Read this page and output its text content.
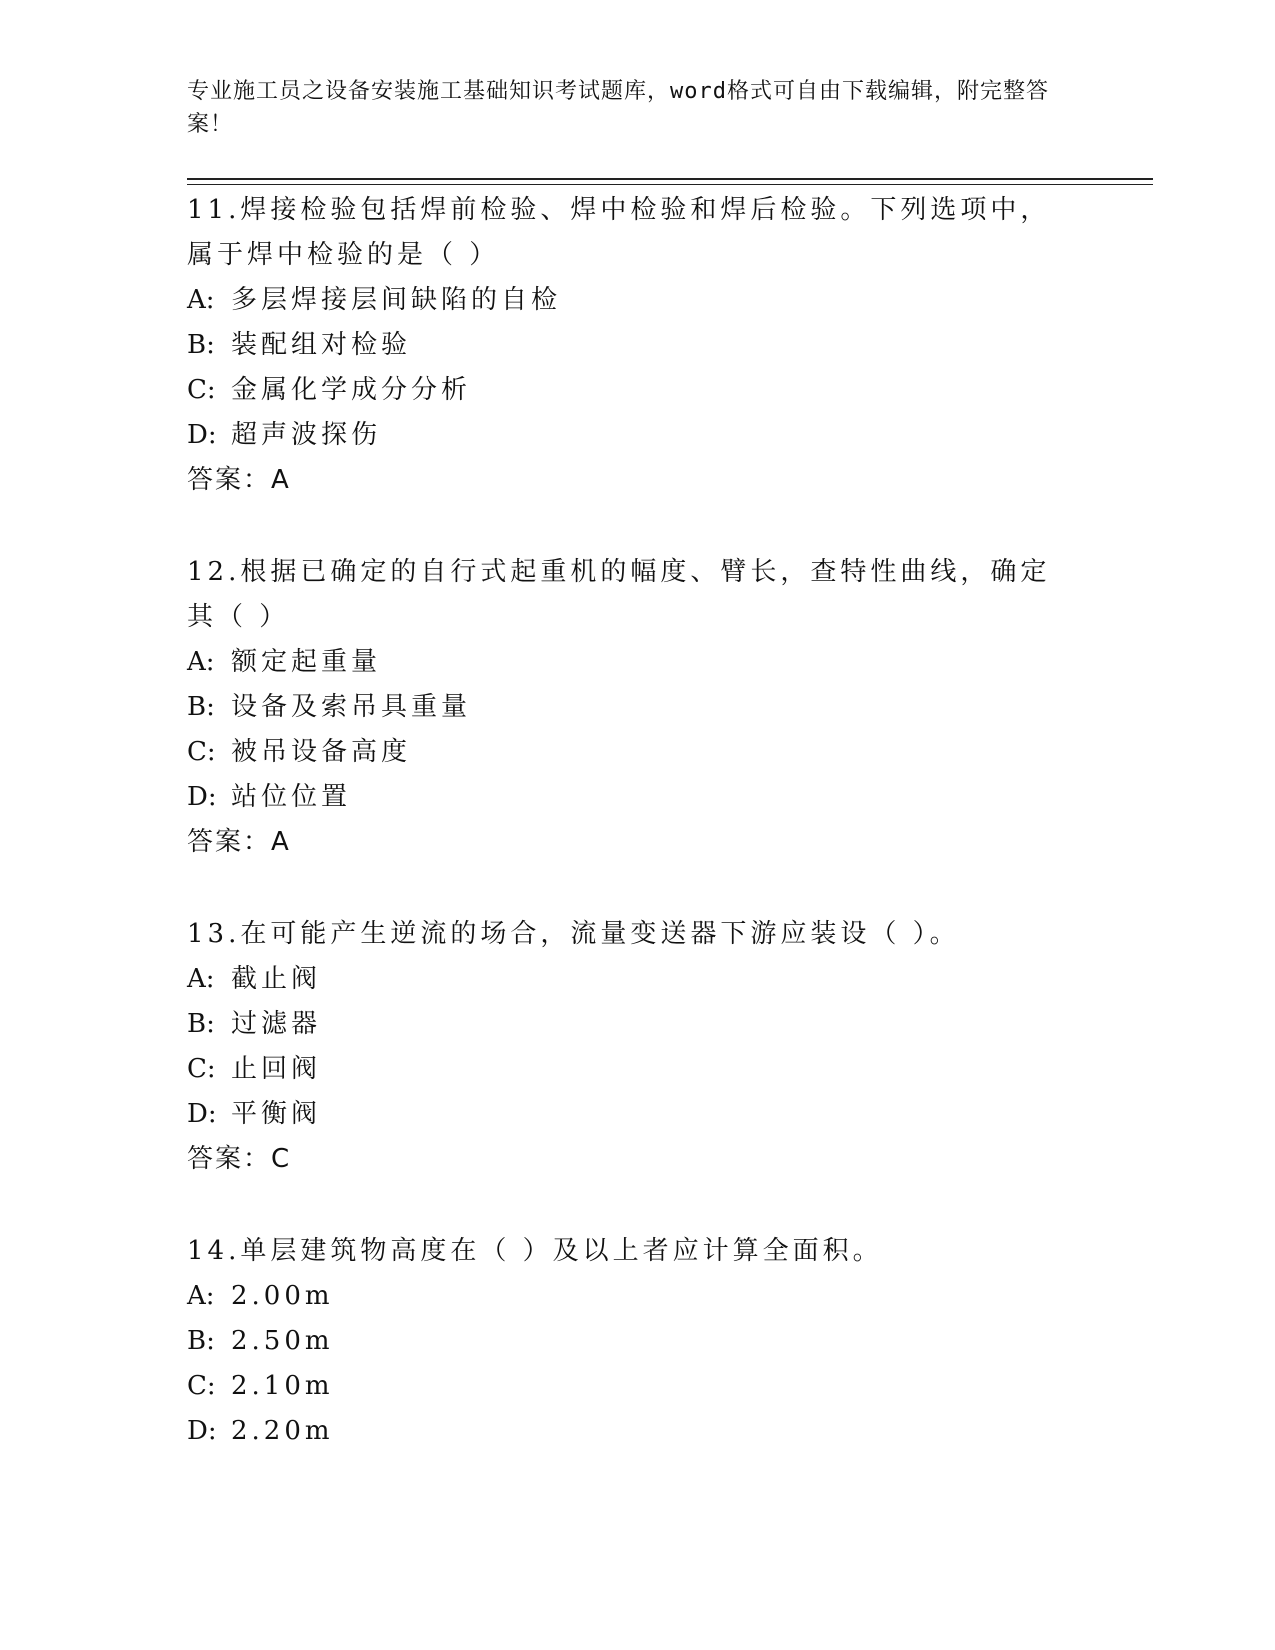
专业施工员之设备安装施工基础知识考试题库，word格式可自由下载编辑，附完整答案！
11.焊接检验包括焊前检验、焊中检验和焊后检验。下列选项中，属于焊中检验的是（ ）
A: 多层焊接层间缺陷的自检
B: 装配组对检验
C: 金属化学成分分析
D: 超声波探伤
答案：A
12.根据已确定的自行式起重机的幅度、臂长，查特性曲线，确定其（ ）
A: 额定起重量
B: 设备及索吊具重量
C: 被吊设备高度
D: 站位位置
答案：A
13.在可能产生逆流的场合，流量变送器下游应装设（ ）。
A: 截止阀
B: 过滤器
C: 止回阀
D: 平衡阀
答案：C
14.单层建筑物高度在（ ）及以上者应计算全面积。
A: 2.00m
B: 2.50m
C: 2.10m
D: 2.20m
